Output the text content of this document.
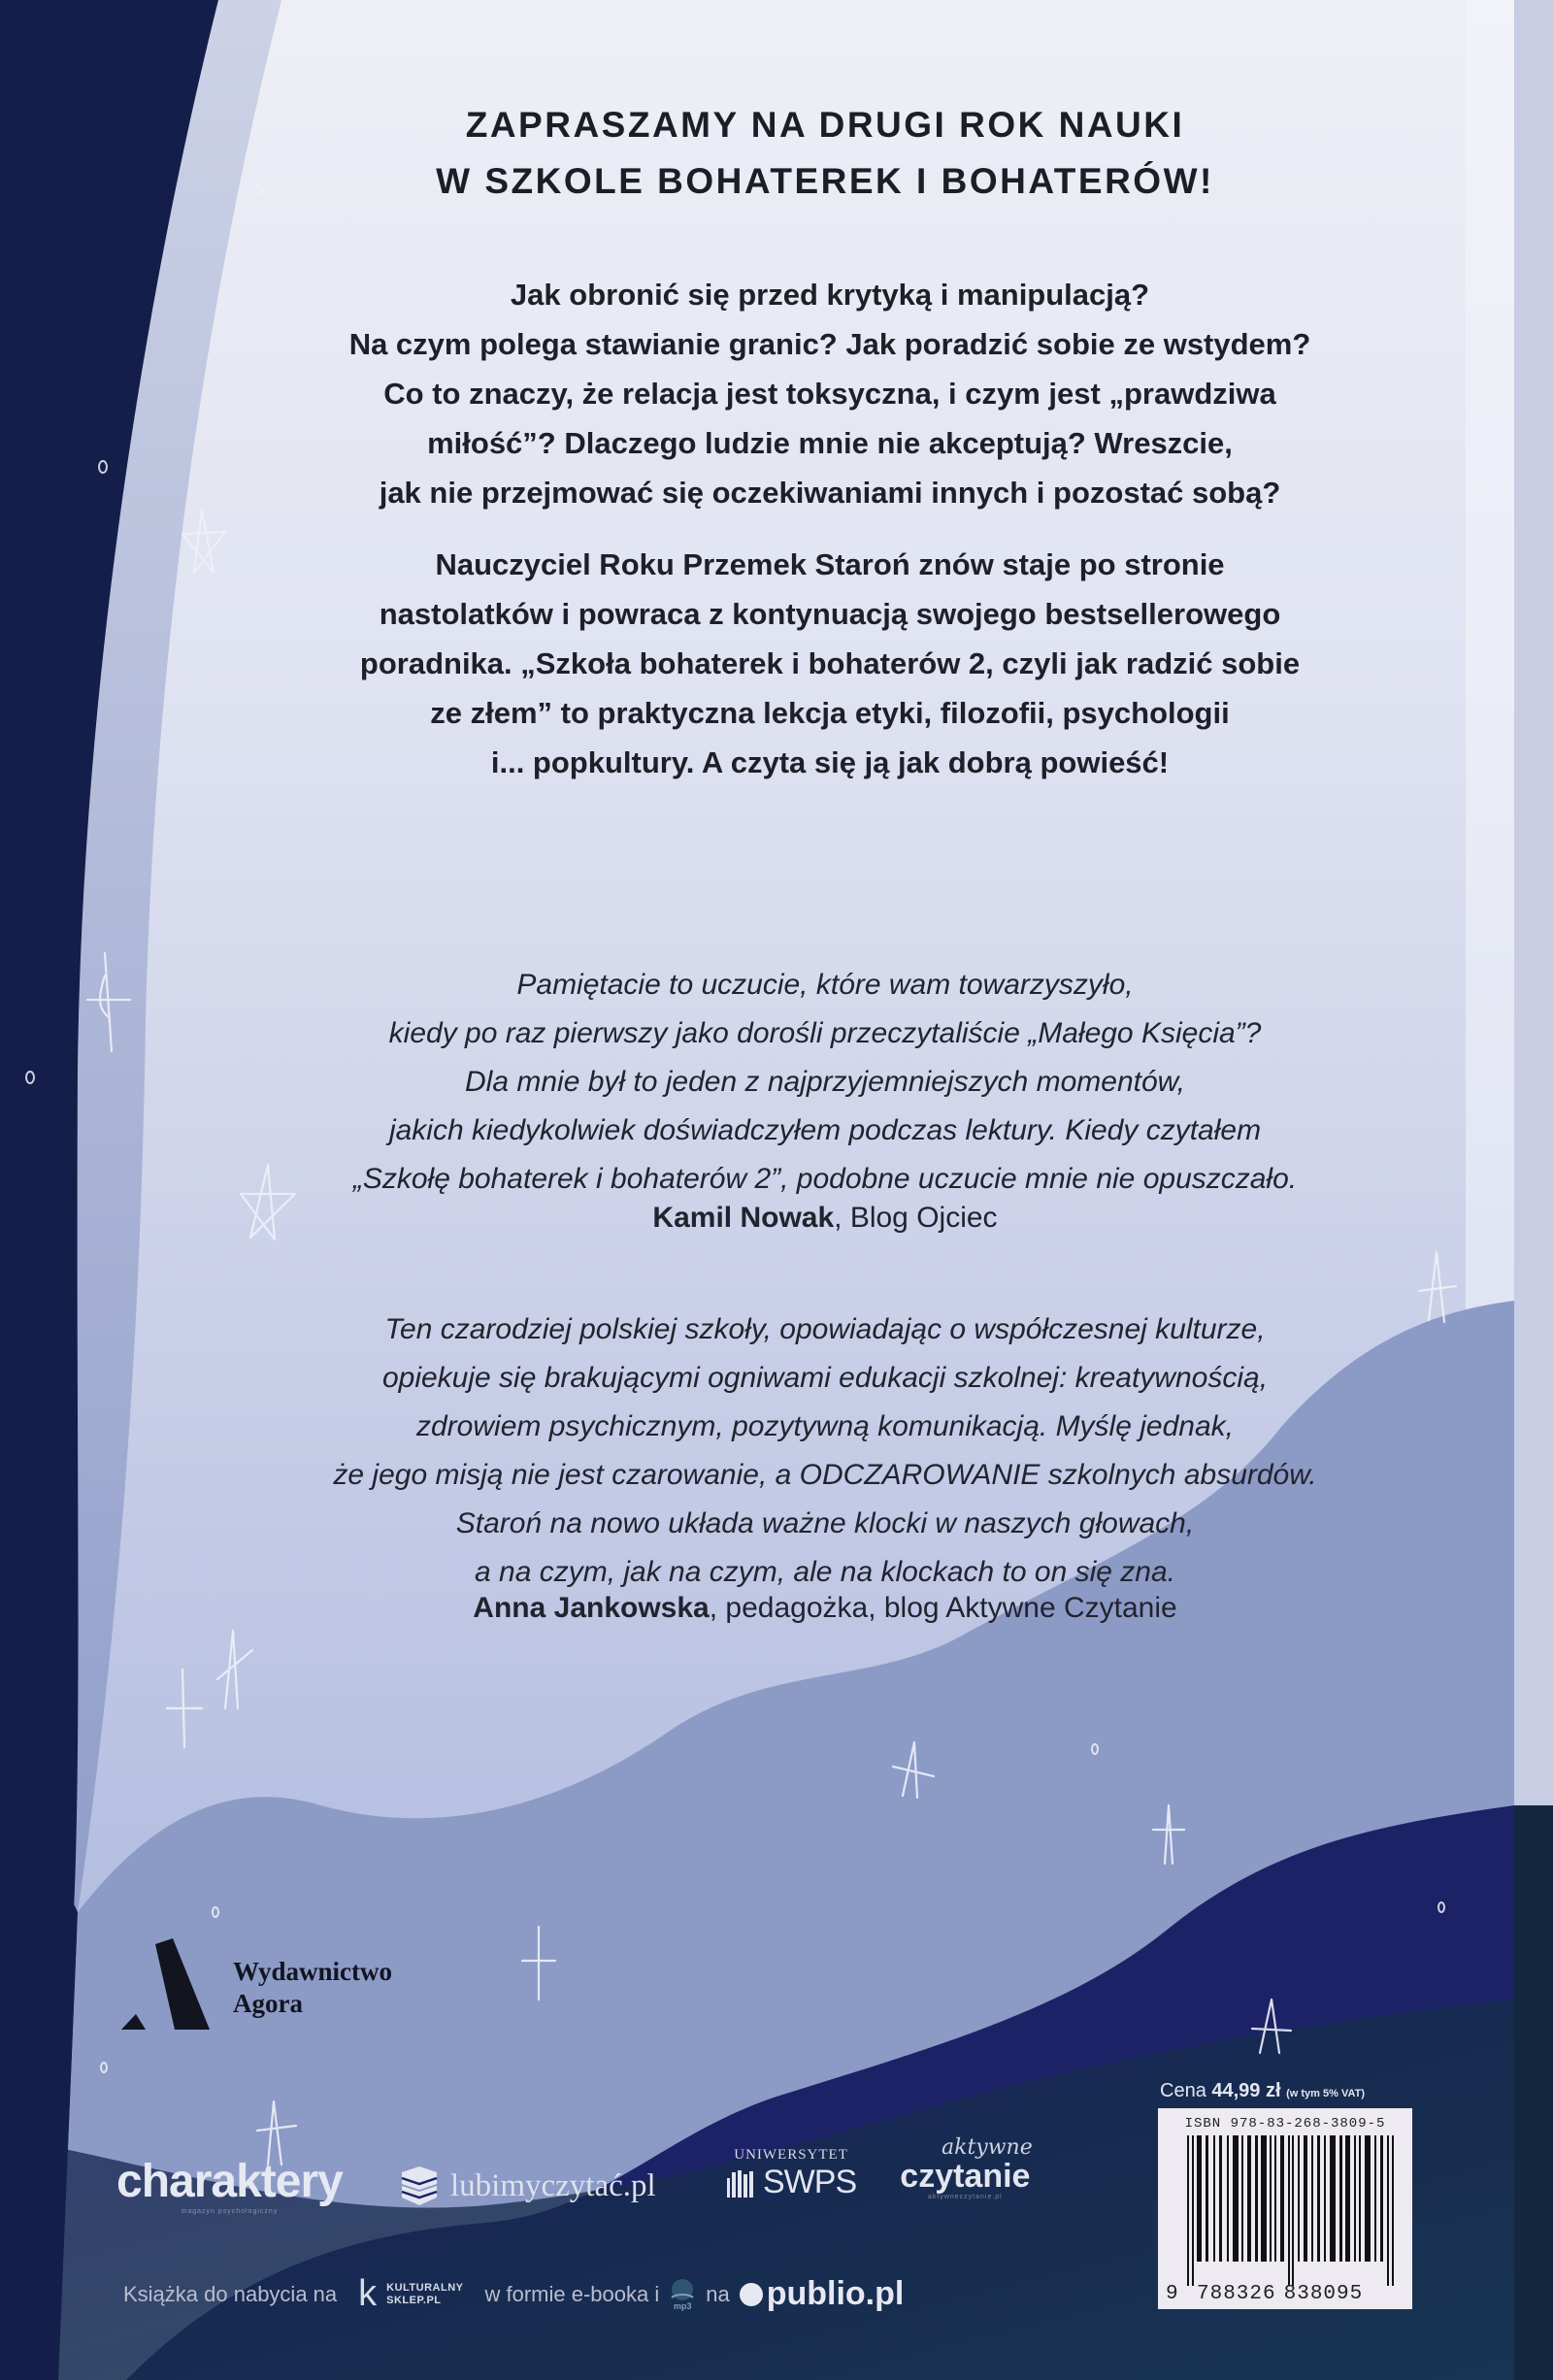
ZAPRASZAMY NA DRUGI ROK NAUKI
W SZKOLE BOHATEREK I BOHATERÓW!
Jak obronić się przed krytyką i manipulacją?
Na czym polega stawianie granic? Jak poradzić sobie ze wstydem?
Co to znaczy, że relacja jest toksyczna, i czym jest „prawdziwa
miłość”? Dlaczego ludzie mnie nie akceptują? Wreszcie,
jak nie przejmować się oczekiwaniami innych i pozostać sobą?
Nauczyciel Roku Przemek Staroń znów staje po stronie
nastolatków i powraca z kontynuacją swojego bestsellerowego
poradnika. „Szkoła bohaterek i bohaterów 2, czyli jak radzić sobie
ze złem” to praktyczna lekcja etyki, filozofii, psychologii
i... popkultury. A czyta się ją jak dobrą powieść!
Pamiętacie to uczucie, które wam towarzyszyło,
kiedy po raz pierwszy jako dorośli przeczytaliście „Małego Księcia”?
Dla mnie był to jeden z najprzyjemniejszych momentów,
jakich kiedykolwiek doświadczyłem podczas lektury. Kiedy czytałem
„Szkołę bohaterek i bohaterów 2”, podobne uczucie mnie nie opuszczało.
Kamil Nowak, Blog Ojciec
Ten czarodziej polskiej szkoły, opowiadając o współczesnej kulturze,
opiekuje się brakującymi ogniwami edukacji szkolnej: kreatywnością,
zdrowiem psychicznym, pozytywną komunikacją. Myślę jednak,
że jego misją nie jest czarowanie, a ODCZAROWANIE szkolnych absurdów.
Staroń na nowo układa ważne klocki w naszych głowach,
a na czym, jak na czym, ale na klockach to on się zna.
Anna Jankowska, pedagożka, blog Aktywne Czytanie
Wydawnictwo
Agora
charaktery
magazyn psychologiczny
lubimyczytać.pl
UNIWERSYTET
SWPS
aktywne
czytanie
aktywneczytanie.pl
Książka do nabycia na k KULTURALNY
SKLEP.PL	w formie e-booka i mp3 na publio.pl
Cena 44,99 zł (w tym 5% VAT)
ISBN 978-83-268-3809-5
9 788326 838095
